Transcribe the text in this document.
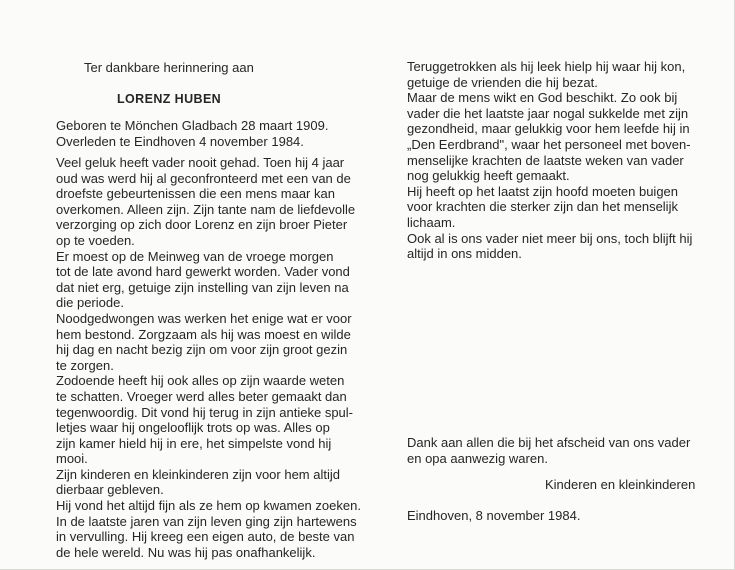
Ter dankbare herinnering aan
LORENZ HUBEN
Geboren te Mönchen Gladbach 28 maart 1909.
Overleden te Eindhoven 4 november 1984.
Veel geluk heeft vader nooit gehad. Toen hij 4 jaar
oud was werd hij al geconfronteerd met een van de
droefste gebeurtenissen die een mens maar kan
overkomen. Alleen zijn. Zijn tante nam de liefdevolle
verzorging op zich door Lorenz en zijn broer Pieter
op te voeden.
Er moest op de Meinweg van de vroege morgen
tot de late avond hard gewerkt worden. Vader vond
dat niet erg, getuige zijn instelling van zijn leven na
die periode.
Noodgedwongen was werken het enige wat er voor
hem bestond. Zorgzaam als hij was moest en wilde
hij dag en nacht bezig zijn om voor zijn groot gezin
te zorgen.
Zodoende heeft hij ook alles op zijn waarde weten
te schatten. Vroeger werd alles beter gemaakt dan
tegenwoordig. Dit vond hij terug in zijn antieke spul-
letjes waar hij ongelooflijk trots op was. Alles op
zijn kamer hield hij in ere, het simpelste vond hij
mooi.
Zijn kinderen en kleinkinderen zijn voor hem altijd
dierbaar gebleven.
Hij vond het altijd fijn als ze hem op kwamen zoeken.
In de laatste jaren van zijn leven ging zijn hartewens
in vervulling. Hij kreeg een eigen auto, de beste van
de hele wereld. Nu was hij pas onafhankelijk.
Teruggetrokken als hij leek hielp hij waar hij kon,
getuige de vrienden die hij bezat.
Maar de mens wikt en God beschikt. Zo ook bij
vader die het laatste jaar nogal sukkelde met zijn
gezondheid, maar gelukkig voor hem leefde hij in
„Den Eerdbrand", waar het personeel met boven-
menselijke krachten de laatste weken van vader
nog gelukkig heeft gemaakt.
Hij heeft op het laatst zijn hoofd moeten buigen
voor krachten die sterker zijn dan het menselijk
lichaam.
Ook al is ons vader niet meer bij ons, toch blijft hij
altijd in ons midden.
Dank aan allen die bij het afscheid van ons vader
en opa aanwezig waren.
Kinderen en kleinkinderen
Eindhoven, 8 november 1984.
